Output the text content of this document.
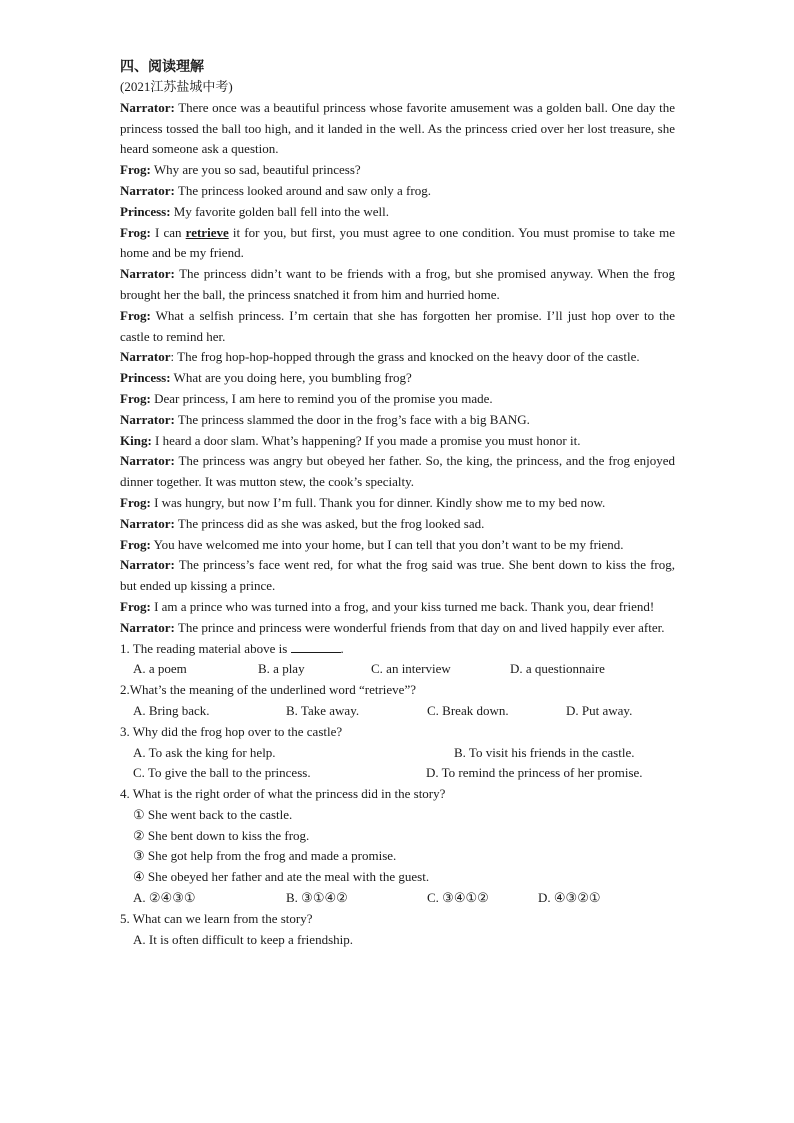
四、阅读理解
(2021江苏盐城中考)

Narrator: There once was a beautiful princess whose favorite amusement was a golden ball. One day the princess tossed the ball too high, and it landed in the well. As the princess cried over her lost treasure, she heard someone ask a question.

Frog: Why are you so sad, beautiful princess?

Narrator: The princess looked around and saw only a frog.

Princess: My favorite golden ball fell into the well.

Frog: I can retrieve it for you, but first, you must agree to one condition. You must promise to take me home and be my friend.

Narrator: The princess didn’t want to be friends with a frog, but she promised anyway. When the frog brought her the ball, the princess snatched it from him and hurried home.

Frog: What a selfish princess. I’m certain that she has forgotten her promise. I’ll just hop over to the castle to remind her.

Narrator: The frog hop-hop-hopped through the grass and knocked on the heavy door of the castle.

Princess: What are you doing here, you bumbling frog?

Frog: Dear princess, I am here to remind you of the promise you made.

Narrator: The princess slammed the door in the frog’s face with a big BANG.

King: I heard a door slam. What’s happening? If you made a promise you must honor it.

Narrator: The princess was angry but obeyed her father. So, the king, the princess, and the frog enjoyed dinner together. It was mutton stew, the cook’s specialty.

Frog: I was hungry, but now I’m full. Thank you for dinner. Kindly show me to my bed now.

Narrator: The princess did as she was asked, but the frog looked sad.

Frog: You have welcomed me into your home, but I can tell that you don’t want to be my friend.

Narrator: The princess’s face went red, for what the frog said was true. She bent down to kiss the frog, but ended up kissing a prince.

Frog: I am a prince who was turned into a frog, and your kiss turned me back. Thank you, dear friend!

Narrator: The prince and princess were wonderful friends from that day on and lived happily ever after.

1. The reading material above is	.

A. a poem	B. a play	C. an interview	D. a questionnaire

2.What’s the meaning of the underlined word “retrieve”?

A. Bring back.	B. Take away.	C. Break down.	D. Put away.

3. Why did the frog hop over to the castle?

A. To ask the king for help.	B. To visit his friends in the castle.
C. To give the ball to the princess.	D. To remind the princess of her promise.

4. What is the right order of what the princess did in the story?

① She went back to the castle.

② She bent down to kiss the frog.

③ She got help from the frog and made a promise.

④ She obeyed her father and ate the meal with the guest.

A. ②④③①	B. ③①④②	C. ③④①②	D. ④③②①

5. What can we learn from the story?

A. It is often difficult to keep a friendship.
